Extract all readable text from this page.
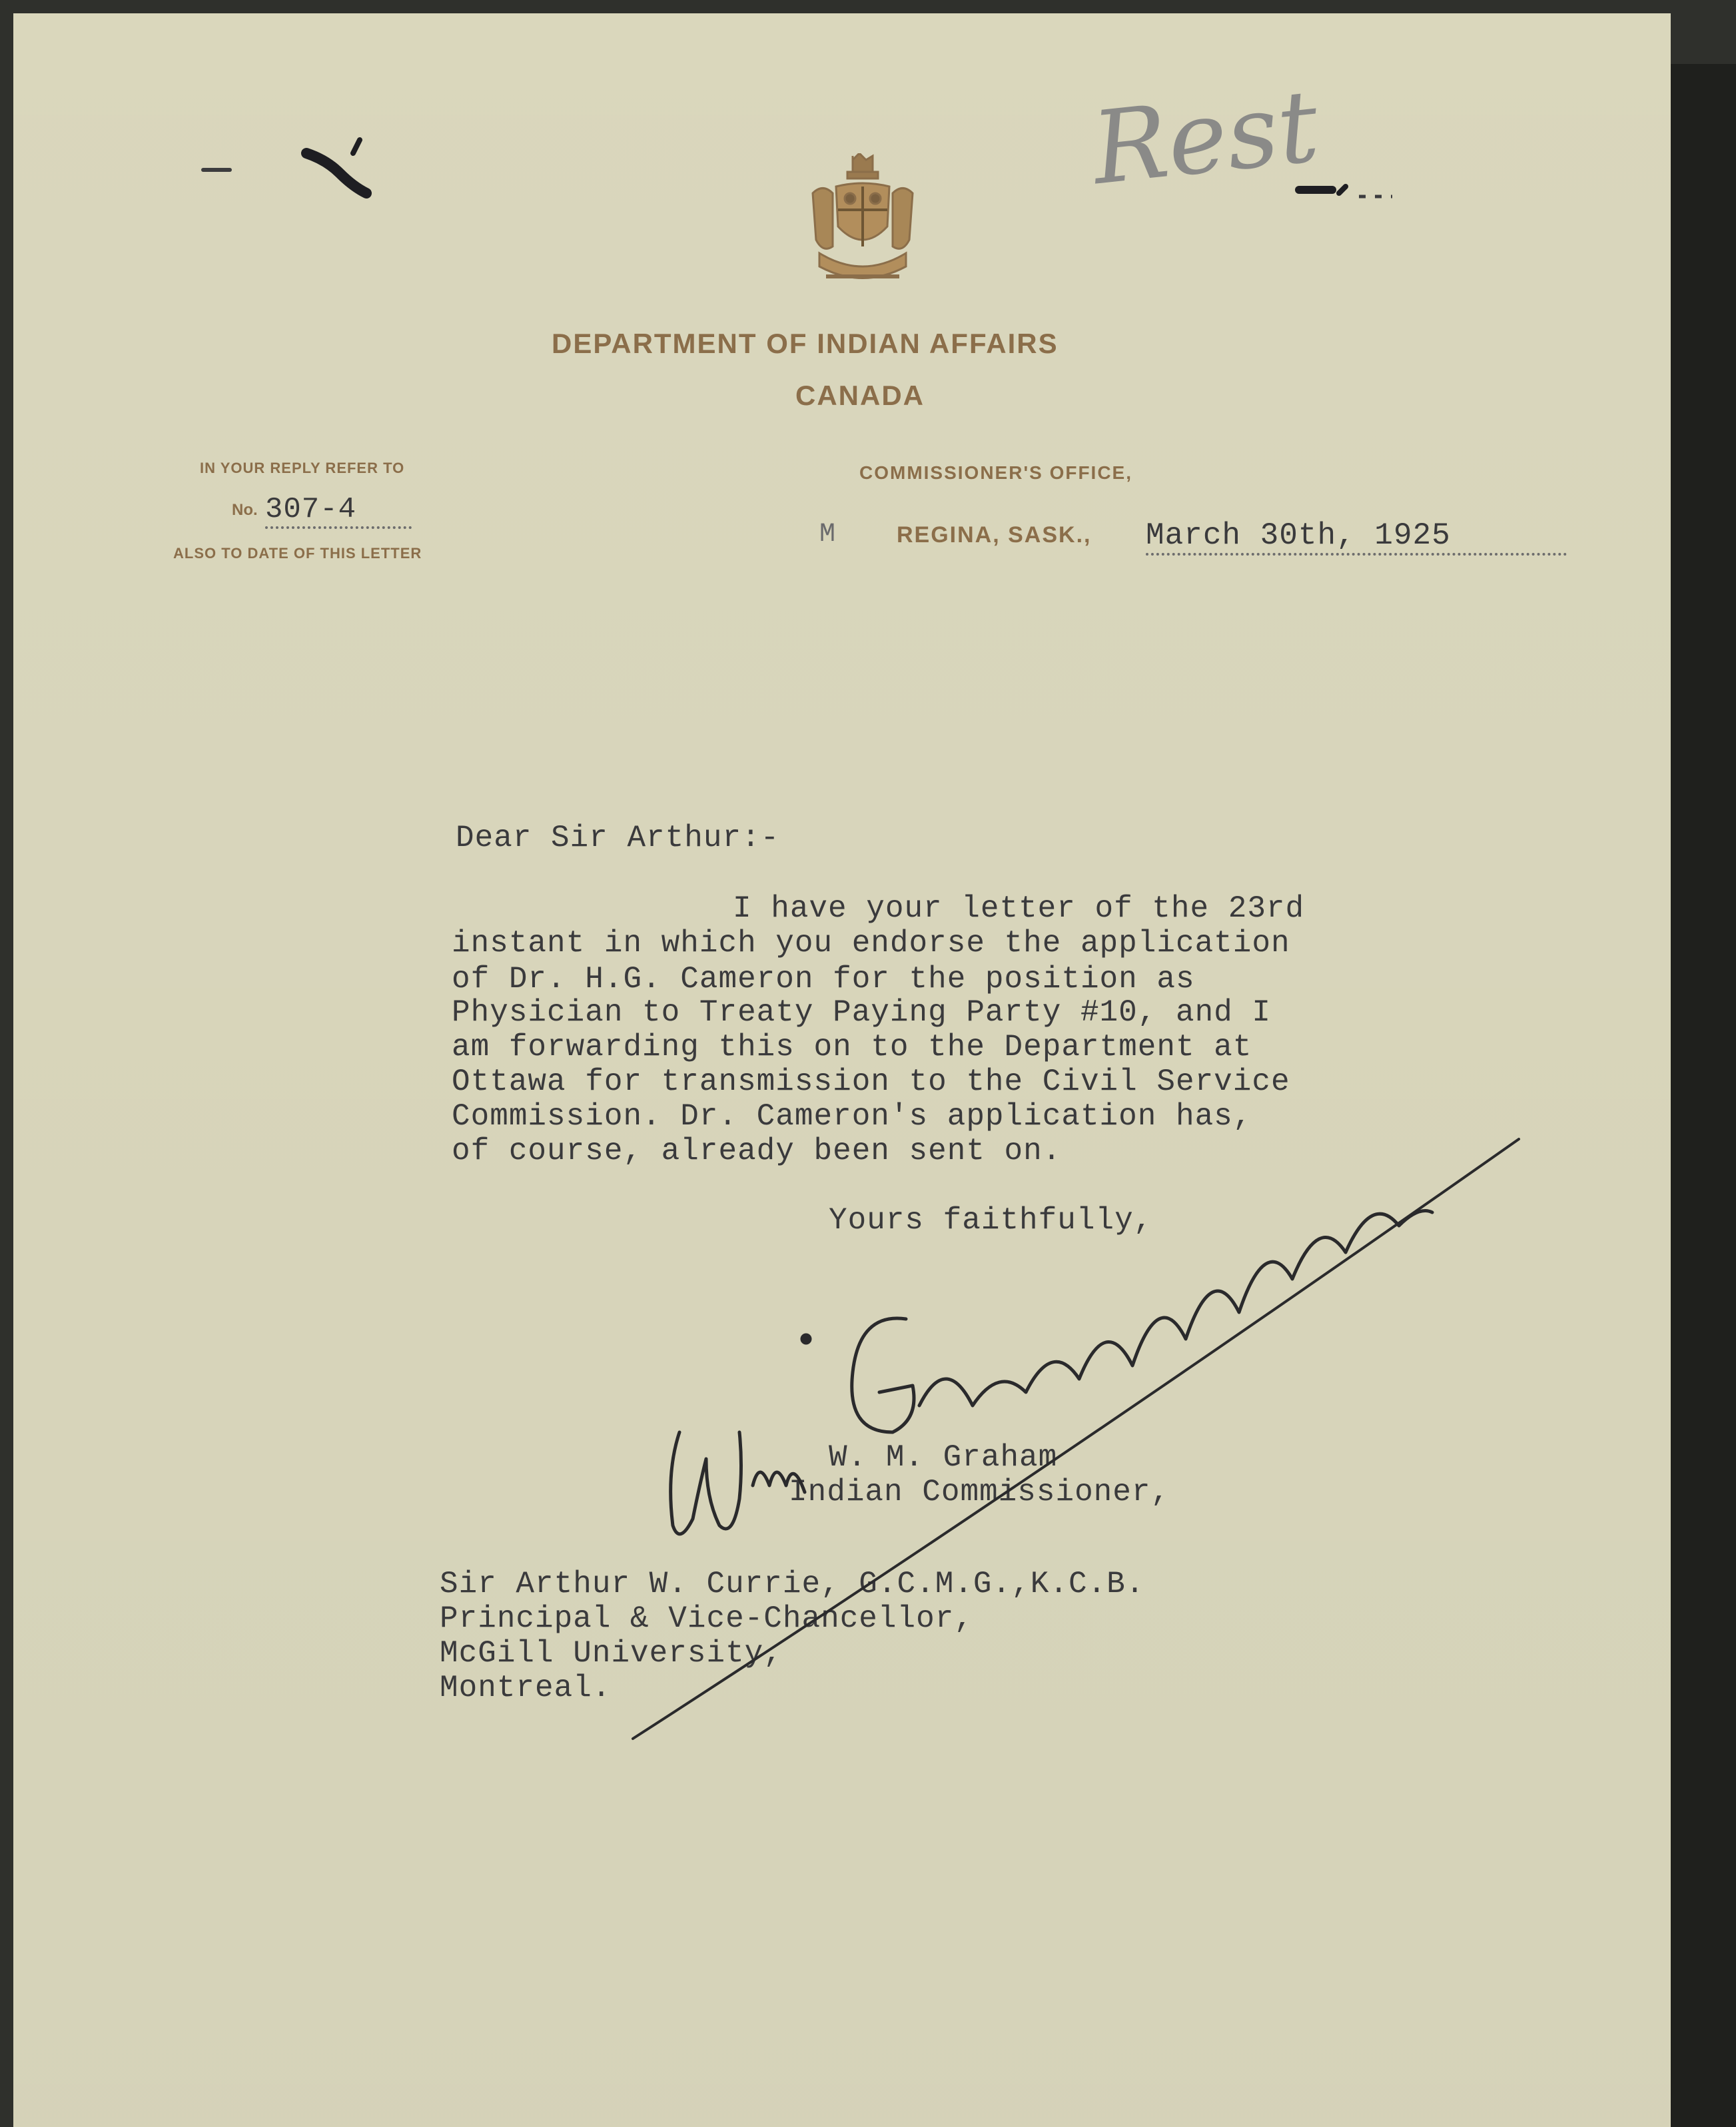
Rest
DEPARTMENT OF INDIAN AFFAIRS
CANADA
IN YOUR REPLY REFER TO
No. 307-4
ALSO TO DATE OF THIS LETTER
COMMISSIONER'S OFFICE,
M	REGINA, SASK., March 30th, 1925
Dear Sir Arthur:-
I have your letter of the 23rd
instant in which you endorse the application
of Dr. H.G. Cameron for the position as
Physician to Treaty Paying Party #10, and I
am forwarding this on to the Department at
Ottawa for transmission to the Civil Service
Commission. Dr. Cameron's application has,
of course, already been sent on.
Yours faithfully,
W. M. Graham
Indian Commissioner,
Sir Arthur W. Currie, G.C.M.G.,K.C.B.
Principal & Vice-Chancellor,
McGill University,
Montreal.
